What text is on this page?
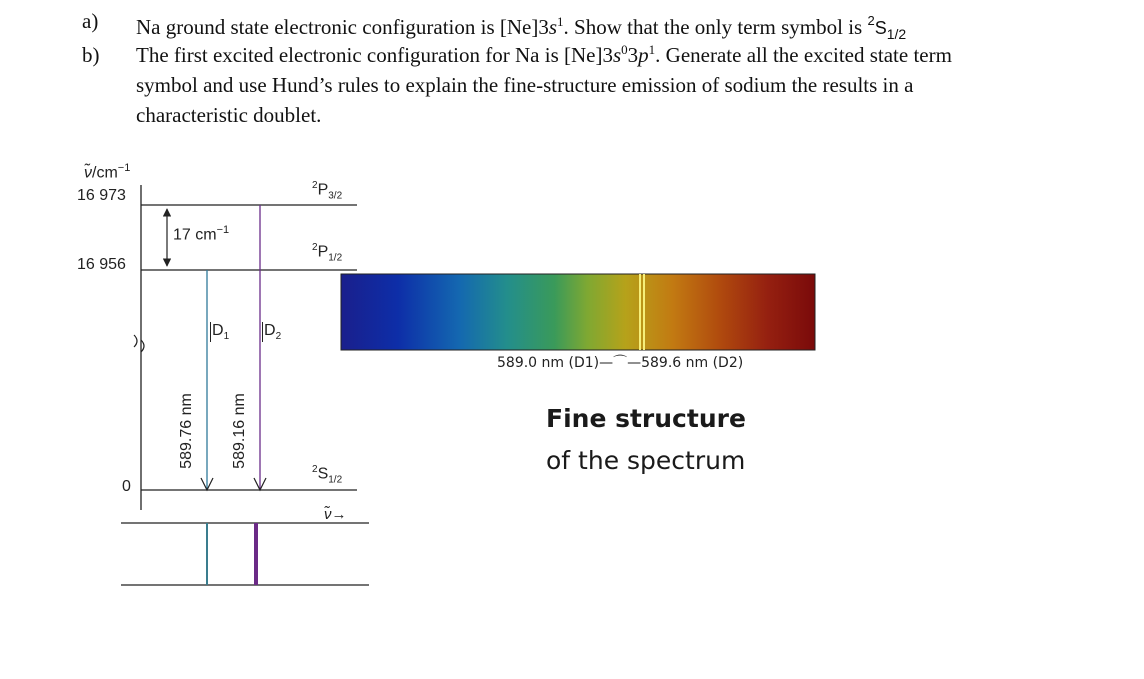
a) Na ground state electronic configuration is $[Ne]3s^1$. Show that the only term symbol is $^2S_{1/2}$
b) The first excited electronic configuration for Na is $[Ne]3s^03p^1$. Generate all the excited state term
symbol and use Hund’s rules to explain the fine-structure emission of sodium the results in a
characteristic doublet.
$\nũ/cm^{-1}$
16 973
16 956
0
$^2P_{3/2}$
$^2P_{1/2}$
$^2S_{1/2}$
17 $cm^{-1}$
$D_1$ $D_2$
589.76 nm 589.16 nm
ν̃→
589.0 nm (D1)—⌒—589.6 nm (D2)
Fine structure
of the spectrum
